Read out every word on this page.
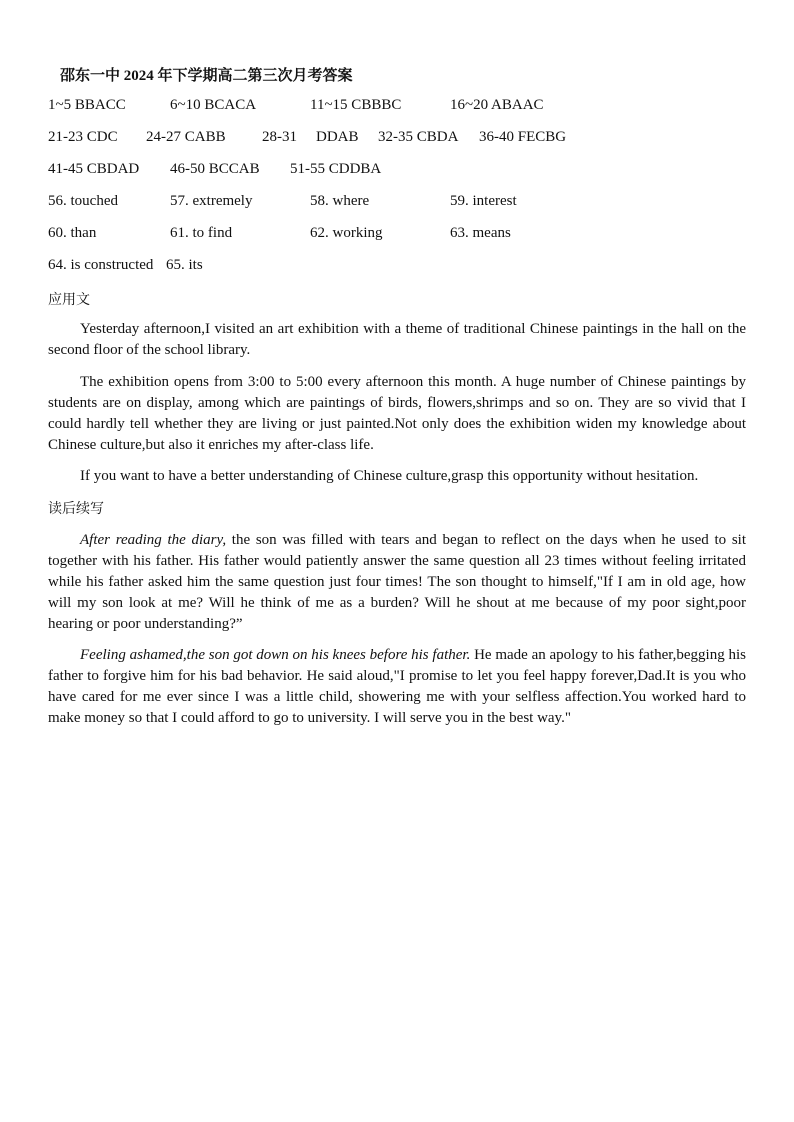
邵东一中 2024 年下学期高二第三次月考答案
1~5 BBACC	6~10 BCACA	11~15 CBBBC	16~20 ABAAC
21-23 CDC 24-27 CABB 28-31 DDAB 32-35 CBDA 36-40 FECBG
41-45 CBDAD 46-50 BCCAB 51-55 CDDBA
56. touched	57. extremely	58. where	59. interest
60. than	61. to find	62. working	63. means
64. is constructed 65. its
应用文

Yesterday afternoon,I visited an art exhibition with a theme of traditional Chinese paintings in the hall on the second floor of the school library.

The exhibition opens from 3:00 to 5:00 every afternoon this month. A huge number of Chinese paintings by students are on display, among which are paintings of birds, flowers,shrimps and so on. They are so vivid that I could hardly tell whether they are living or just painted.Not only does the exhibition widen my knowledge about Chinese culture,but also it enriches my after-class life.

If you want to have a better understanding of Chinese culture,grasp this opportunity without hesitation.

读后续写

After reading the diary, the son was filled with tears and began to reflect on the days when he used to sit together with his father. His father would patiently answer the same question all 23 times without feeling irritated while his father asked him the same question just four times! The son thought to himself,"If I am in old age, how will my son look at me? Will he think of me as a burden? Will he shout at me because of my poor sight,poor hearing or poor understanding?”

Feeling ashamed,the son got down on his knees before his father. He made an apology to his father,begging his father to forgive him for his bad behavior. He said aloud,"I promise to let you feel happy forever,Dad.It is you who have cared for me ever since I was a little child, showering me with your selfless affection.You worked hard to make money so that I could afford to go to university. I will serve you in the best way."
